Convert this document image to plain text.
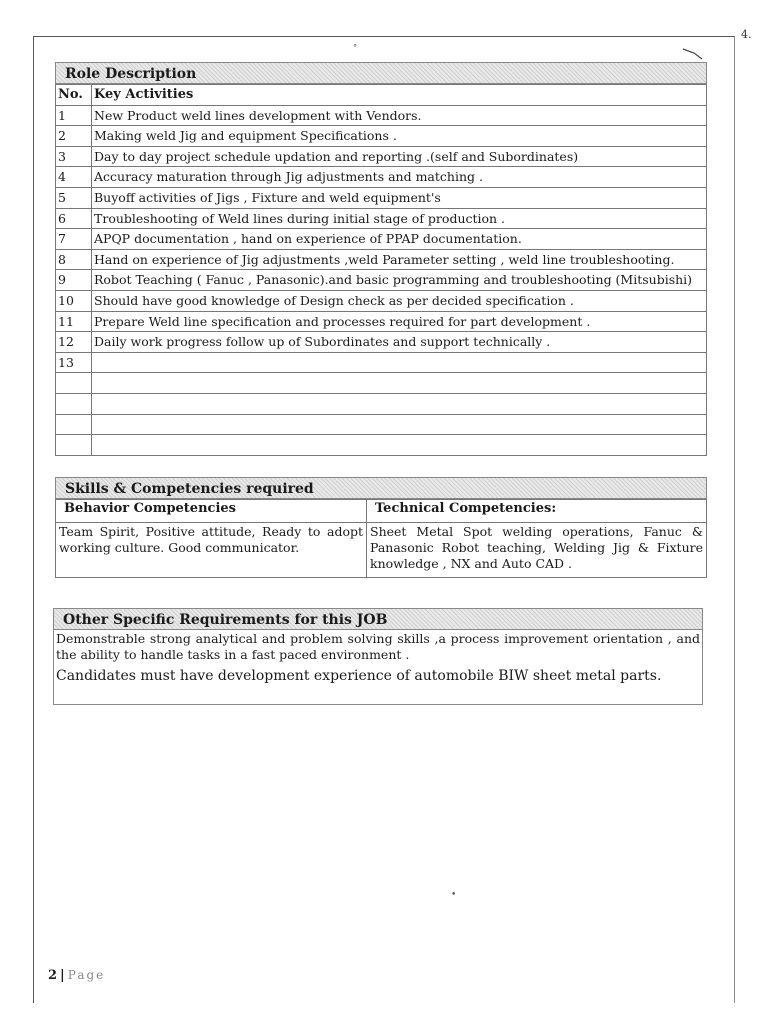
4.
°
Role Description
No.	Key Activities
1	New Product weld lines development with Vendors.
2	Making weld Jig and equipment Specifications .
3	Day to day project schedule updation and reporting .(self and Subordinates)
4	Accuracy maturation through Jig adjustments and matching .
5	Buyoff activities of Jigs , Fixture and weld equipment's
6	Troubleshooting of Weld lines during initial stage of production .
7	APQP documentation , hand on experience of PPAP documentation.
8	Hand on experience of Jig adjustments ,weld Parameter setting , weld line troubleshooting.
9	Robot Teaching ( Fanuc , Panasonic).and basic programming and troubleshooting (Mitsubishi)
10	Should have good knowledge of Design check as per decided specification .
11	Prepare Weld line specification and processes required for part development .
12	Daily work progress follow up of Subordinates and support technically .
13	

Skills & Competencies required
Behavior Competencies	Technical Competencies:
Team Spirit, Positive attitude, Ready to adopt working culture. Good communicator.	Sheet Metal Spot welding operations, Fanuc & Panasonic Robot teaching, Welding Jig & Fixture knowledge , NX and Auto CAD .
Other Specific Requirements for this JOB
Demonstrable strong analytical and problem solving skills ,a process improvement orientation , and the ability to handle tasks in a fast paced environment .
Candidates must have development experience of automobile BIW sheet metal parts.
•
2 | Page
